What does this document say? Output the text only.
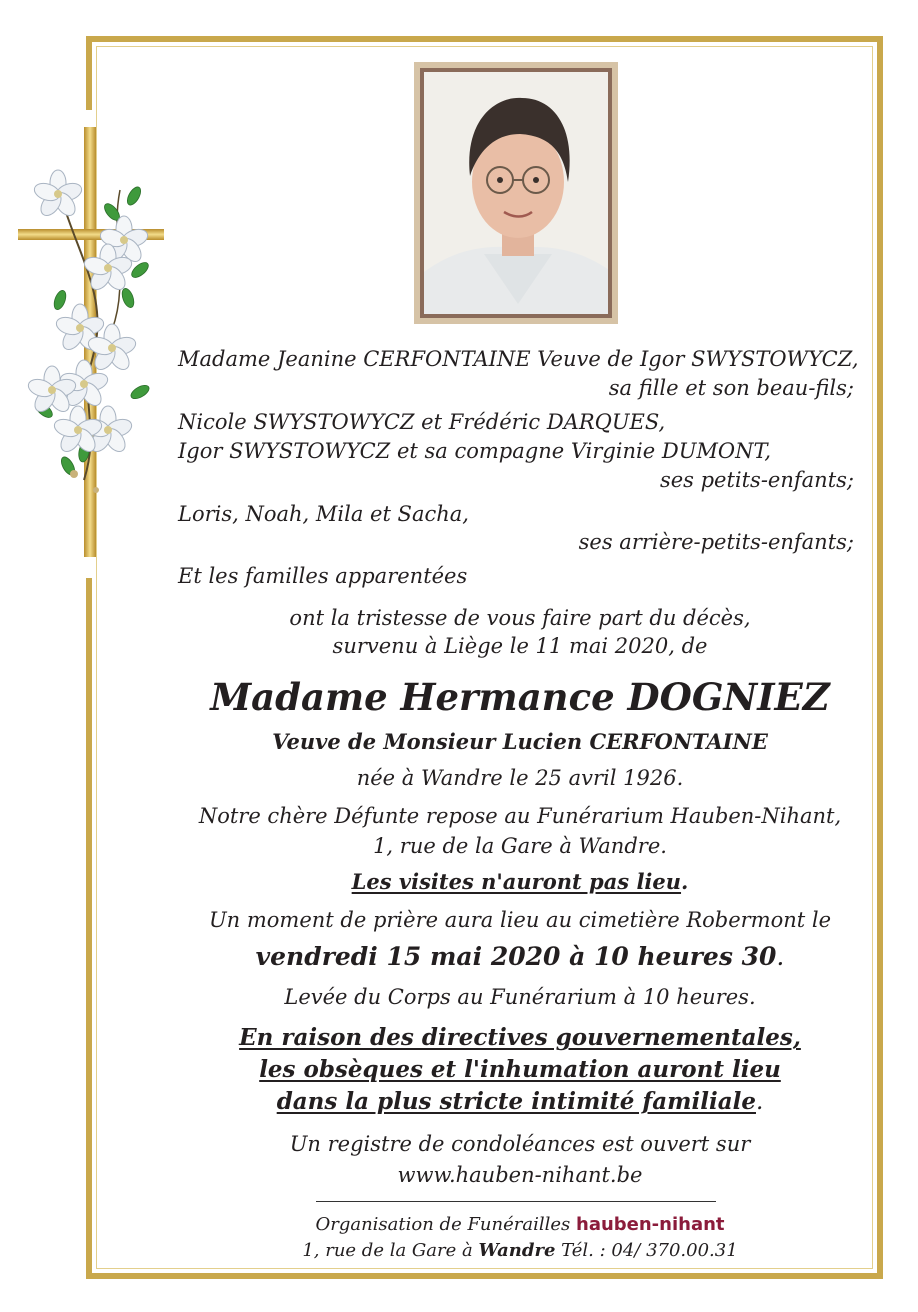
Madame Jeanine CERFONTAINE Veuve de Igor SWYSTOWYCZ,
sa fille et son beau-fils;
Nicole SWYSTOWYCZ et Frédéric DARQUES,
Igor SWYSTOWYCZ et sa compagne Virginie DUMONT,
ses petits-enfants;
Loris, Noah, Mila et Sacha,
ses arrière-petits-enfants;
Et les familles apparentées
ont la tristesse de vous faire part du décès,
survenu à Liège le 11 mai 2020, de
Madame Hermance DOGNIEZ
Veuve de Monsieur Lucien CERFONTAINE
née à Wandre le 25 avril 1926.
Notre chère Défunte repose au Funérarium Hauben-Nihant,
1, rue de la Gare à Wandre.
Les visites n'auront pas lieu.
Un moment de prière aura lieu au cimetière Robermont le
vendredi 15 mai 2020 à 10 heures 30.
Levée du Corps au Funérarium à 10 heures.
En raison des directives gouvernementales,
les obsèques et l'inhumation auront lieu
dans la plus stricte intimité familiale.
Un registre de condoléances est ouvert sur
www.hauben-nihant.be
Organisation de Funérailles hauben-nihant
1, rue de la Gare à Wandre Tél. : 04/ 370.00.31
